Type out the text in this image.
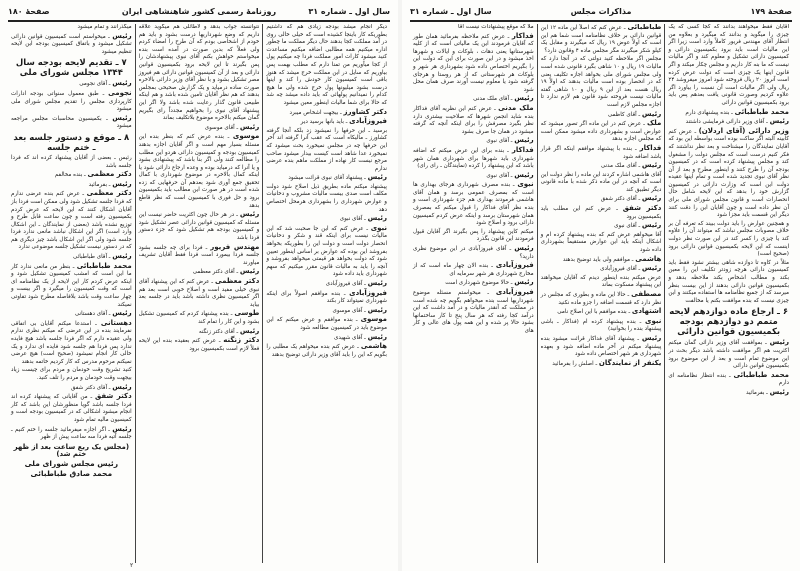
سال اول ـ شماره ۳۱
روزنامهٔ رسمی کشور شاهنشاهی ایران
صفحهٔ ۱۸۰

دیگر انجام میشد بودجه زیادی هم که داشتیم بطوریکه کار باینجا کشیده است که خیلی خالی روی در آمد مملکت کجا بدهند حال دیگر مملکت ما چطور اداره میکنیم همه مطالبی اضافه میکنیم مساعدت کنید میشود کارات امور مملکت فردا چه میکنیم پول از کجا میآوریم من تمنا دارم که مطلب بهمت پس بیاوریم که سایل در این مملکت خرج میشد که هنوز باقی است کمیسیون کار خودش را کند و اینها درست بشود میلیونها پول خرج شده ولی ما هیچ کدام را نمیدانیم پولهائی که باید داده میشد چه شد که حالا برای شما مالیات اینطور معین میشود

دکتر کشاورز ـ بیجهت اشخاص میبرد

فیروزآبادی ـ باید بانها برسید دیر

برسید ـ این حرفها را نمیشود زد بلکه آنجا گرفته کشاورز ـ مالیکاه است که عقب آنرا گرفته اند آخر این حرفها چه در مجلس نمیخورد بحث میشود که نمیخورد عدا شاهد است کیست بیدار میشود صاحب مرجع نیست کار نهاده از مملکت ماهم بنده عرضی ندارم

رئیس ـ پیشنهاد آقای نبوی قرائت میشود

پیشنهاد میکنم ماده بطریق ذیل اصلاح شود دولت مکلف است صدی بیست مالیات مشروب و دخانیات و عوارض شهرداری را بشهرداری هرمحل اختصاص دهد

رئیس ـ آقای نبوی

نبوی ـ عرض کنم که این جا صحبت شد که این مالیات نیست برای اینکه قند و شکر و دخانیات انحصار دولت است و دولت این را بطوریکه بخواهد بفروشد این بوده که عوارض بر اساس اینطور تعیین شود که دولت بخواهد هر قیمتی میخواهد بفروشد و آنچه را باید به مالیات قانون مقرر میکنیم که سهم شهرداری باید داده شود

رئیس ـ آقای فیروزآبادی

فیروزآبادی ـ بنده موافقم اصولاً برای اینکه شهرداری نمیتواند کار بکند

رئیس ـ آقای موسوی

موسوی ـ بنده موافقم و عرض میکنم که این موضوع باید در کمیسیون مطالعه شود

رئیس ـ آقای شهیدی

هاشمی ـ عرض کنم بنده میخواهم یک مطلبی را بگویم که این را باید آقای وزیر دارائی توضیح بدهند

نتوانسته جواب بدهد و لاطائلی هم میگوید علاقه داریم که وضع شهرداریها درست بشود و باید هم خودم از اشخاصی بودم که آن طرح را امضاء کردم ولی فعلاً که بدین صورت در آمده است بنده میخواستم خواهش بکنم آقای نبوی پیشنهادشان را پس بگیرند تا این لایحه برود بکمیسیون قوانین دارائی و بعد از آن کمیسیون قوانین دارائی هم فیروز مصر تشکیل بشود و با نظر آقای وزیر دارائی بالاخره صورت ساده درمیاید و یک گزارش صحیحی بمجلس بدهند که هم نظر آقایان تامین شده باشد و هم اینکه طبیعی قانون گذار رعایت شده باشد ولا اگر این پیشنهاد آقای نبوی را بخواهیم مجدداً رای بگیریم گمان میکنم بالاخره موضوع بلاتکلیف بماند

رئیس ـ آقای موسوی

موسوی ـ بنده عرض کنم که بنظر بنده این مسئله بسیار مهم است و اگر آقایان اجازه بدهند کمیسیون بودجه و کمیسیون دارائی هردو این مطلب را مطالعه کنند ولی اگر بنا باشد که پیشنهادی بشود و یا آنرا که درمیاید بوده و وعده ارجاع دارائی شود یا اینکه کمال بالاخره در موضوع شهرداری با کمال تحقیق جمع آوری شود بعدهم آن حرفهایی که زده شده است در هر صورت این مطالب باید بکمیسیون برود و حل فوری با کمیسیون است که نظر قاطع بدهد

رئیس ـ در هر حال چون اکثریت حاضر نیست این مسئله که کمیسیون قوانین دارائی عصر تشکیل شود و کمیسیون بودجه هم تشکیل شود که جزء دستور فردا باشد

مهندس فریور ـ فردا برای چه جلسه بشود جلسه فردا بیمورد است فردا فقط آقایان تشریف میاورند

رئیس ـ آقای دکتر معظمی

دکتر معظمی ـ عرض کنم که این پیشنهاد آقای نبوی خیلی مفید است و اصلاح خوبی است بعد هم اگر کمیسیون نظری داشته باشد باید در جلسه بعد بیاید

طوسی ـ بنده پیشنهاد کردم که کمیسیون تشکیل بشود و این کار را تمام کند

رئیس ـ آقای دکتر زنگنه

دکتر زنگنه ـ عرض کنم بعقیده بنده این لایحه فعلاً لازم است بکمیسیون برود

میگذرانند و تمام میشود

رئیس ـ میخواستم است کمیسیون قوانین دارائی تشکیل میشود و باتفاق کمیسیون بودجه این لایحه تنظیم میشود

۷ ـ تقدیم لایحه بودجه سال ۱۳۴۴ مجلس شورای ملی

رئیس ـ آقای نجومی

نجومی ـ طبق معمول سنواتی بودجه ادارات کارپردازی مجلس را تقدیم مجلس شورای ملی میشود

رئیس ـ بکمیسیون محاسبات مجلس مراجعه میشود

۸ ـ موقع و دستور جلسه بعد ـ ختم جلسه

رئیس ـ بعضی از آقایان پیشنهاد کرده اند که فردا جلسه باشد

دکتر معظمی ـ بنده مخالفم

رئیس ـ بفرمائید

دکتر معظمی ـ عرض کنم بنده عرضی ندارم که فردا جلسه تشکیل شود ولی ممکن است فردا باز آقایان اشکال کنند که این لایحه که عرض کردم بکمیسیون رفته است و چون ساعت قابل طرح و توزیع نشده باشد (بعضی از نمایندگان ـ این اشکال وارد است) اگر این اشکال نباشد مانعی ندارد فردا جلسه شود ولی اگر این اشکال باشد چیز دیگری هم که در دستور نیست تشکیل جلسه موضوعی ندارد

رئیس ـ آقای طباطبائی

محمد طباطبائی ـ بنظر من مانعی ندارد کار ما این است که امشب کمیسیون تشکیل شود و اینکه عرض کردم کار این لایحه از یک نظامنامه ای است که وقت کمیسیون را میگیرد و اگر بیست و چهار ساعت وقت باشد بلافاصله مطرح شود تفاوتی نمیکند

رئیس ـ آقای دهستانی

دهستانی ـ استدعا میکنم آقایان بی اتفاقی نفرمایند بنده در این عرضی که میکنم نظری ندارم ولی عقیده دارم که اگر فردا جلسه باشد هیچ فایده ندارد پس فردا هم جلسه شود فایده ای ندارد و یک خالی کار انجام نمیشود (صحیح است) هیچ عرضی نمیکنم مرحوم مدرس که کار کردیم خاتمه بدهند

کنید تشریح وقت خودمان و مردم برای چیست زیاد بیجهت وقت خودمان و مردم را تلف کنید.

رئیس ـ آقای دکتر شفق

دکتر شفق ـ من آقایانی که پیشنهاد کرده اند فردا جلسه باشد گویا منظورشان این باشد که کار انجام میشود اشکالی که در کمیسیون بودجه است و کمیسیون مالیه تمام شود

رئیس ـ اگر اجازه میفرمائید جلسه را ختم کنیم ـ جلسه آتیه فردا سه ساعت پیش از ظهر

(مجلس یک ربع ساعت بعد از ظهر ختم شد)
رئیس مجلس شورای ملی
محمد صادق طباطبائی
۲
صفحهٔ ۱۷۹
مذاکرات مجلس
سال اول ـ شماره ۳۱

آقایان فقط میخواهند بدانند که کجا کسی که یک چیزی را میگوید و بدانند که میگیرد و بعلاوه من انتظار آقای مهندس فریور کاملاً وارد است زیرا اگر این مالیات است باید برود بکمیسیون دارائی و کمیسیون دارائی تشکیل و معلوم کند و اگر مالیات نیست که ما بنه کار داریم و مجلس چکار میکند و اگر قانون اینها یک چیزی است که دولت عرض کرده است آنروز ۲۰ ریال فروخته شود امروز میفروشد ۲۴ ریال ولی اگر مالیات است آن نسبت را بیاورد اگر علاوه کردیم وصورت قانونی یافت بعدهم پس باید برود بکمیسیون قوانین دارائی

محمد طباطبائی ـ بنده پیشنهادی دارم

رئیس ـ آقای وزیر دارائی فرمایشی داشتند

وزیر دارائی (آقای اردلان) ـ عرض کنم کابینه البته اگر ساکت بوده است بواسطه این بود که آقایان نمایندگان را میشناخت و بعد نظر نداشتند که فکر کنیم درست است که مجلس دولت را مشغول کند و مجلس پیشنهاد کرده است که در کمیسیون بودجه آن را طرح کنند و اینطور مطرح و بعد از آن نظر آقای نبوی تجدید شده است و تمام اینها عقیده دولت این است که وزارت دارائی در کمیسیون گزارش خود را بدهد که این لایحه شامل حال انحصارات است و قانون مجلس شورای ملی برای آن نظر داده است و چون آقایان این را دقت کنند دیگر این قسمت باید مجزا شود

و همچنین عوارض را باید دولت ببیند که تعرفه آن بر خلاف مصوبات مجلس نباشد که میتواند آن را علاوه کند یا چیزی را کسر کند در این صورت نظر دولت اینست که این لایحه بکمیسیون قوانین دارائی برود (صحیح است)

مثلاً در کاوه تا دوازده شاهی بیشتر نشود فقط باید کمیسیون دارائی هرچه زودتر تکلیف این را معین بکند و مطالب اشخاص بکند ملاحظه بدهد و بکمیسیون قوانین دارائی بدهند از این بیست بنظر میرسد که از جمیع نظامنامه ها استفاده میکنند و این چیزی نیست که بنده موافقت بکنم یا مخالفت

۶ ـ ارجاع ماده دوازدهم لایحه متمم دو دوازدهم بودجه بکمیسیون قوانین دارائی

رئیس ـ بموافقت آقای وزیر دارائی گمان میکنم اکثریت هم اگر موافقت داشته باشد دیگر بحث در این موضوع تمام است و بعد از این موضوع برود بکمیسیون قوانین دارائی

محمد طباطبائی ـ بنده انتظار نظامنامه ای دارم

رئیس ـ بفرمائید

طباطبائی ـ عرض کنم که اصلاً این ماده ۱۲ این قوانین دارائی بر خلاف نظامنامه است شما هم این است که اولاً عوض ۱۹ ریال که میگیرند و مقابل یک کیلو شکر میگیرند مگر مجلس ماده ۴ وقانون دارد؟

مجلس اگر ملاحظه کنید دولتی که در آنجا دارد که مالیات ۱۹ ریال و ۱۰ شاهی بگیرد قانونی شده است ولی مجلس شورای ملی بخواهد اجازه تکلیف یعنی که در انحصار بوده است مالیات بدهند که اولاً ۱۹ ریال هست بعد از این ۹ ریال و ۱۰ شاهی گفته مالیات نیست فروخته شود قانون هم لازم ندارد تا اجازه مجلس لازم است

رئیس ـ آقای کاظمی

ملک ـ عرض کنم در این ماده اگر تصور میشود که عوارض است و بشهرداری داده میشود ممکن است که مجلس اجازه بدهد

فداکار ـ بنده با پیشنهاد موافقم اینکه اگر قرار باشد اضافه شود

رئیس ـ آقای ملک مدنی

آقای هاشمی اشاره کردند این ماده را نظر دولت این است که آنچه در این ماده ذکر شده با ماده قانونی دیگر تطبیق کند

رئیس ـ آقای دکتر شفق

دکتر شفق ـ عرض کنم این مطلب باید بکمیسیون برود

رئیس ـ آقای نبوی

آقا میخواهم عرض کنم که بنده پیشنهاد کرده ام و اشکال اینکه باید این عوارض مستقیماً بشهرداری داده شود

هاشمی ـ موافقم ولی باید توضیح بدهند

رئیس ـ آقای فیروزآبادی

عرض میکنم بنده اینطور دیدم که آقایان میخواهند این پیشنهاد مسکوت بماند

مصطفی ـ حالا این ماده و بطوری که مجلس در نظر دارد که قسمت اضافه را جزو ماده نکنید

اشتهادی ـ بنده موافقم با این اصلاح نامی

نبوی ـ بنده پیشنهاد کرده ام (فداکار ـ باشی پیشنهاد بنده را بخوانید)

رئیس ـ پیشنهاد آقای فداکار قرائت میشود بنده پیشنهاد میکنم در آخر ماده اضافه شود و بعهده شهرداری هر شهر اختصاص داده شود

یکنفر از نمایندگان ـ اصلش را بفرمائید

ملا که موقع پیشنهادات نیست آقا

فداکار ـ عرض کنم ملاحظه بفرمائید همان طور که آقایان فرمودند این یک مالیاتی است که از کلیه شهرستانها یعنی دهات ، بلوکات و ایالات و شهرها اخذ میشود و در این صورت برای این که دولت این را بگیریم اختصاص داده شود بشهرداری هر شهر و بلوکات هر شهرستانی که از هر روستا و هرجای گرفته شود یا معلوم نیست آورند صرف همان محل شود

رئیس ـ آقای ملک مدنی

ملک مدنی ـ عرض کنم این نظریه آقای فداکار بنده شاید انجمن شهرها که صلاحیت بیشتری دارد نظر بگیرد مصرفش را برای اینکه آنچه که گرفته میشود در همان جا صرف بشود

رئیس ـ آقای نبوی

فداکار ـ بنده برای این عرض میکنم که اضافه شهرداری باید شهرها برای شهرداری همان شهر باشد که این پیشنهاد را کرده (نمایندگان ـ رای رای)

رئیس ـ آقای نبوی

نبوی ـ بنده مصرف شهرداری هرجای بهداری ها است که بمصرف عمومی برسد و همان آقای هاشمی فرمودند بهداری هم جزء شهرداری است و بنده نظر آقای فداکار را قبول میکنم که بمصرف همان شهرستان برسد و اینکه عرض کردم کمیسیون دارائی برود و اصلاح شود

میکنم کاین پیشنهاد را پس بگیرند اگر آقایان قبول فرمودند این قانون بگذرد

رئیس ـ آقای فیروزآبادی در این موضوع نظری دارید؟

فیروزآبادی ـ بنده الان چهار ماه است که از مخارج شهرداری هر شهر سرمایه ای

رئیس ـ حالا موضوع شهرداری است

فیروزآبادی ـ میخواستم مسئله موضوع شهرداریها است بنده میخواهم بگویم چه شده است در مملکت که آنقدر مالیات و در آمد داشت که این درآمد کجا رفته که هر سال پنج تا کار ساختمانها بشود حالا پر شده و این همه پول های عالی و کار های
